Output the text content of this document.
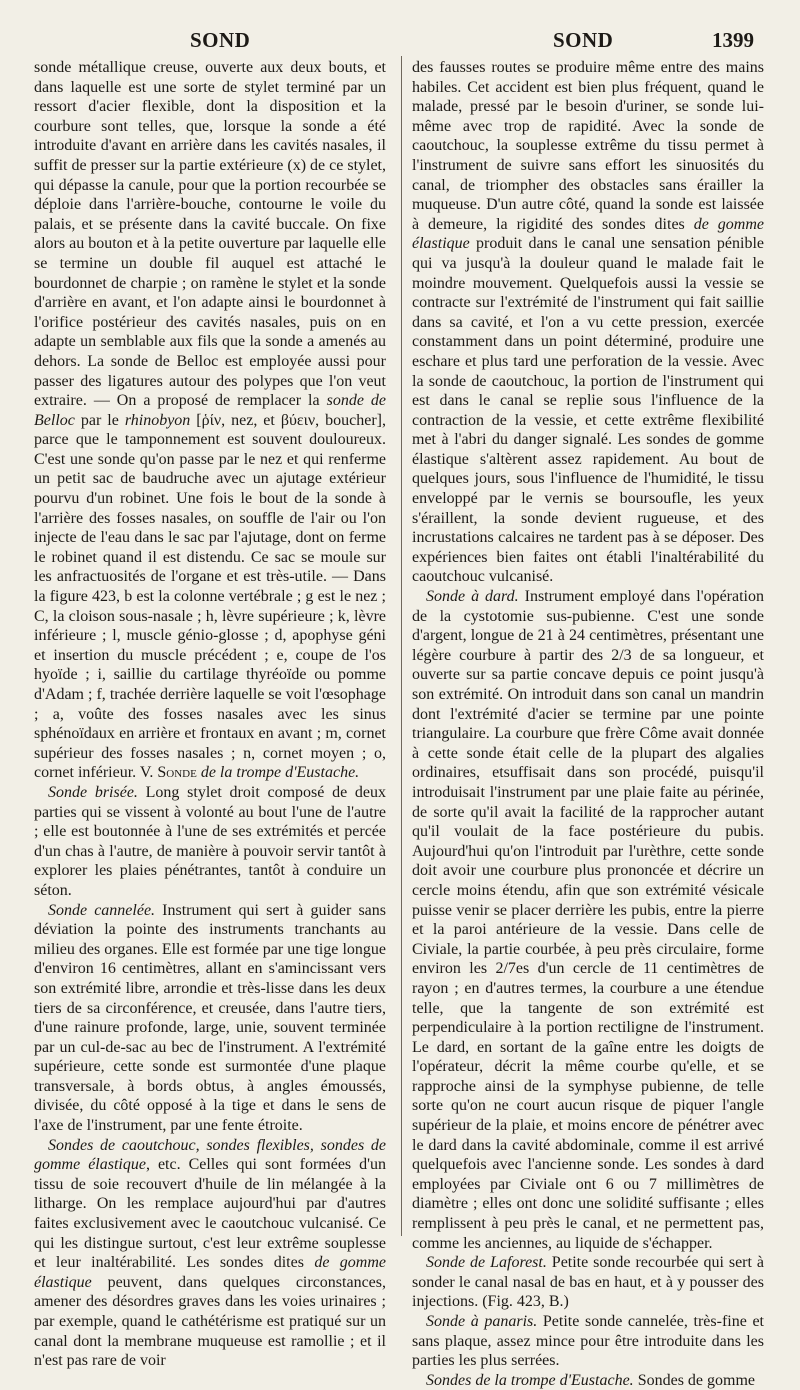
SOND	SOND	1399

sonde métallique creuse, ouverte aux deux bouts, et dans laquelle est une sorte de stylet terminé par un ressort d'acier flexible, dont la disposition et la courbure sont telles, que, lorsque la sonde a été introduite d'avant en arrière dans les cavités nasales, il suffit de presser sur la partie extérieure (x) de ce stylet, qui dépasse la canule, pour que la portion recourbée se déploie dans l'arrière-bouche, contourne le voile du palais, et se présente dans la cavité buccale. On fixe alors au bouton et à la petite ouverture par laquelle elle se termine un double fil auquel est attaché le bourdonnet de charpie ; on ramène le stylet et la sonde d'arrière en avant, et l'on adapte ainsi le bourdonnet à l'orifice postérieur des cavités nasales, puis on en adapte un semblable aux fils que la sonde a amenés au dehors. La sonde de Belloc est employée aussi pour passer des ligatures autour des polypes que l'on veut extraire. — On a proposé de remplacer la sonde de Belloc par le rhinobyon [ῥίν, nez, et βύειν, boucher], parce que le tamponnement est souvent douloureux. C'est une sonde qu'on passe par le nez et qui renferme un petit sac de baudruche avec un ajutage extérieur pourvu d'un robinet. Une fois le bout de la sonde à l'arrière des fosses nasales, on souffle de l'air ou l'on injecte de l'eau dans le sac par l'ajutage, dont on ferme le robinet quand il est distendu. Ce sac se moule sur les anfractuosités de l'organe et est très-utile. — Dans la figure 423, b est la colonne vertébrale ; g est le nez ; C, la cloison sous-nasale ; h, lèvre supérieure ; k, lèvre inférieure ; l, muscle génio-glosse ; d, apophyse géni et insertion du muscle précédent ; e, coupe de l'os hyoïde ; i, saillie du cartilage thyréoïde ou pomme d'Adam ; f, trachée derrière laquelle se voit l'œsophage ; a, voûte des fosses nasales avec les sinus sphénoïdaux en arrière et frontaux en avant ; m, cornet supérieur des fosses nasales ; n, cornet moyen ; o, cornet inférieur. V. Sonde de la trompe d'Eustache.

Sonde brisée. Long stylet droit composé de deux parties qui se vissent à volonté au bout l'une de l'autre ; elle est boutonnée à l'une de ses extrémités et percée d'un chas à l'autre, de manière à pouvoir servir tantôt à explorer les plaies pénétrantes, tantôt à conduire un séton.

Sonde cannelée. Instrument qui sert à guider sans déviation la pointe des instruments tranchants au milieu des organes. Elle est formée par une tige longue d'environ 16 centimètres, allant en s'amincissant vers son extrémité libre, arrondie et très-lisse dans les deux tiers de sa circonférence, et creusée, dans l'autre tiers, d'une rainure profonde, large, unie, souvent terminée par un cul-de-sac au bec de l'instrument. A l'extrémité supérieure, cette sonde est surmontée d'une plaque transversale, à bords obtus, à angles émoussés, divisée, du côté opposé à la tige et dans le sens de l'axe de l'instrument, par une fente étroite.

Sondes de caoutchouc, sondes flexibles, sondes de gomme élastique, etc. Celles qui sont formées d'un tissu de soie recouvert d'huile de lin mélangée à la litharge. On les remplace aujourd'hui par d'autres faites exclusivement avec le caoutchouc vulcanisé. Ce qui les distingue surtout, c'est leur extrême souplesse et leur inaltérabilité. Les sondes dites de gomme élastique peuvent, dans quelques circonstances, amener des désordres graves dans les voies urinaires ; par exemple, quand le cathétérisme est pratiqué sur un canal dont la membrane muqueuse est ramollie ; et il n'est pas rare de voir

des fausses routes se produire même entre des mains habiles. Cet accident est bien plus fréquent, quand le malade, pressé par le besoin d'uriner, se sonde lui-même avec trop de rapidité. Avec la sonde de caoutchouc, la souplesse extrême du tissu permet à l'instrument de suivre sans effort les sinuosités du canal, de triompher des obstacles sans érailler la muqueuse. D'un autre côté, quand la sonde est laissée à demeure, la rigidité des sondes dites de gomme élastique produit dans le canal une sensation pénible qui va jusqu'à la douleur quand le malade fait le moindre mouvement. Quelquefois aussi la vessie se contracte sur l'extrémité de l'instrument qui fait saillie dans sa cavité, et l'on a vu cette pression, exercée constamment dans un point déterminé, produire une eschare et plus tard une perforation de la vessie. Avec la sonde de caoutchouc, la portion de l'instrument qui est dans le canal se replie sous l'influence de la contraction de la vessie, et cette extrême flexibilité met à l'abri du danger signalé. Les sondes de gomme élastique s'altèrent assez rapidement. Au bout de quelques jours, sous l'influence de l'humidité, le tissu enveloppé par le vernis se boursoufle, les yeux s'éraillent, la sonde devient rugueuse, et des incrustations calcaires ne tardent pas à se déposer. Des expériences bien faites ont établi l'inaltérabilité du caoutchouc vulcanisé.

Sonde à dard. Instrument employé dans l'opération de la cystotomie sus-pubienne. C'est une sonde d'argent, longue de 21 à 24 centimètres, présentant une légère courbure à partir des 2/3 de sa longueur, et ouverte sur sa partie concave depuis ce point jusqu'à son extrémité. On introduit dans son canal un mandrin dont l'extrémité d'acier se termine par une pointe triangulaire. La courbure que frère Côme avait donnée à cette sonde était celle de la plupart des algalies ordinaires, etsuffisait dans son procédé, puisqu'il introduisait l'instrument par une plaie faite au périnée, de sorte qu'il avait la facilité de la rapprocher autant qu'il voulait de la face postérieure du pubis. Aujourd'hui qu'on l'introduit par l'urèthre, cette sonde doit avoir une courbure plus prononcée et décrire un cercle moins étendu, afin que son extrémité vésicale puisse venir se placer derrière les pubis, entre la pierre et la paroi antérieure de la vessie. Dans celle de Civiale, la partie courbée, à peu près circulaire, forme environ les 2/7es d'un cercle de 11 centimètres de rayon ; en d'autres termes, la courbure a une étendue telle, que la tangente de son extrémité est perpendiculaire à la portion rectiligne de l'instrument. Le dard, en sortant de la gaîne entre les doigts de l'opérateur, décrit la même courbe qu'elle, et se rapproche ainsi de la symphyse pubienne, de telle sorte qu'on ne court aucun risque de piquer l'angle supérieur de la plaie, et moins encore de pénétrer avec le dard dans la cavité abdominale, comme il est arrivé quelquefois avec l'ancienne sonde. Les sondes à dard employées par Civiale ont 6 ou 7 millimètres de diamètre ; elles ont donc une solidité suffisante ; elles remplissent à peu près le canal, et ne permettent pas, comme les anciennes, au liquide de s'échapper.

Sonde de Laforest. Petite sonde recourbée qui sert à sonder le canal nasal de bas en haut, et à y pousser des injections. (Fig. 423, B.)

Sonde à panaris. Petite sonde cannelée, très-fine et sans plaque, assez mince pour être introduite dans les parties les plus serrées.

Sondes de la trompe d'Eustache. Sondes de gomme
